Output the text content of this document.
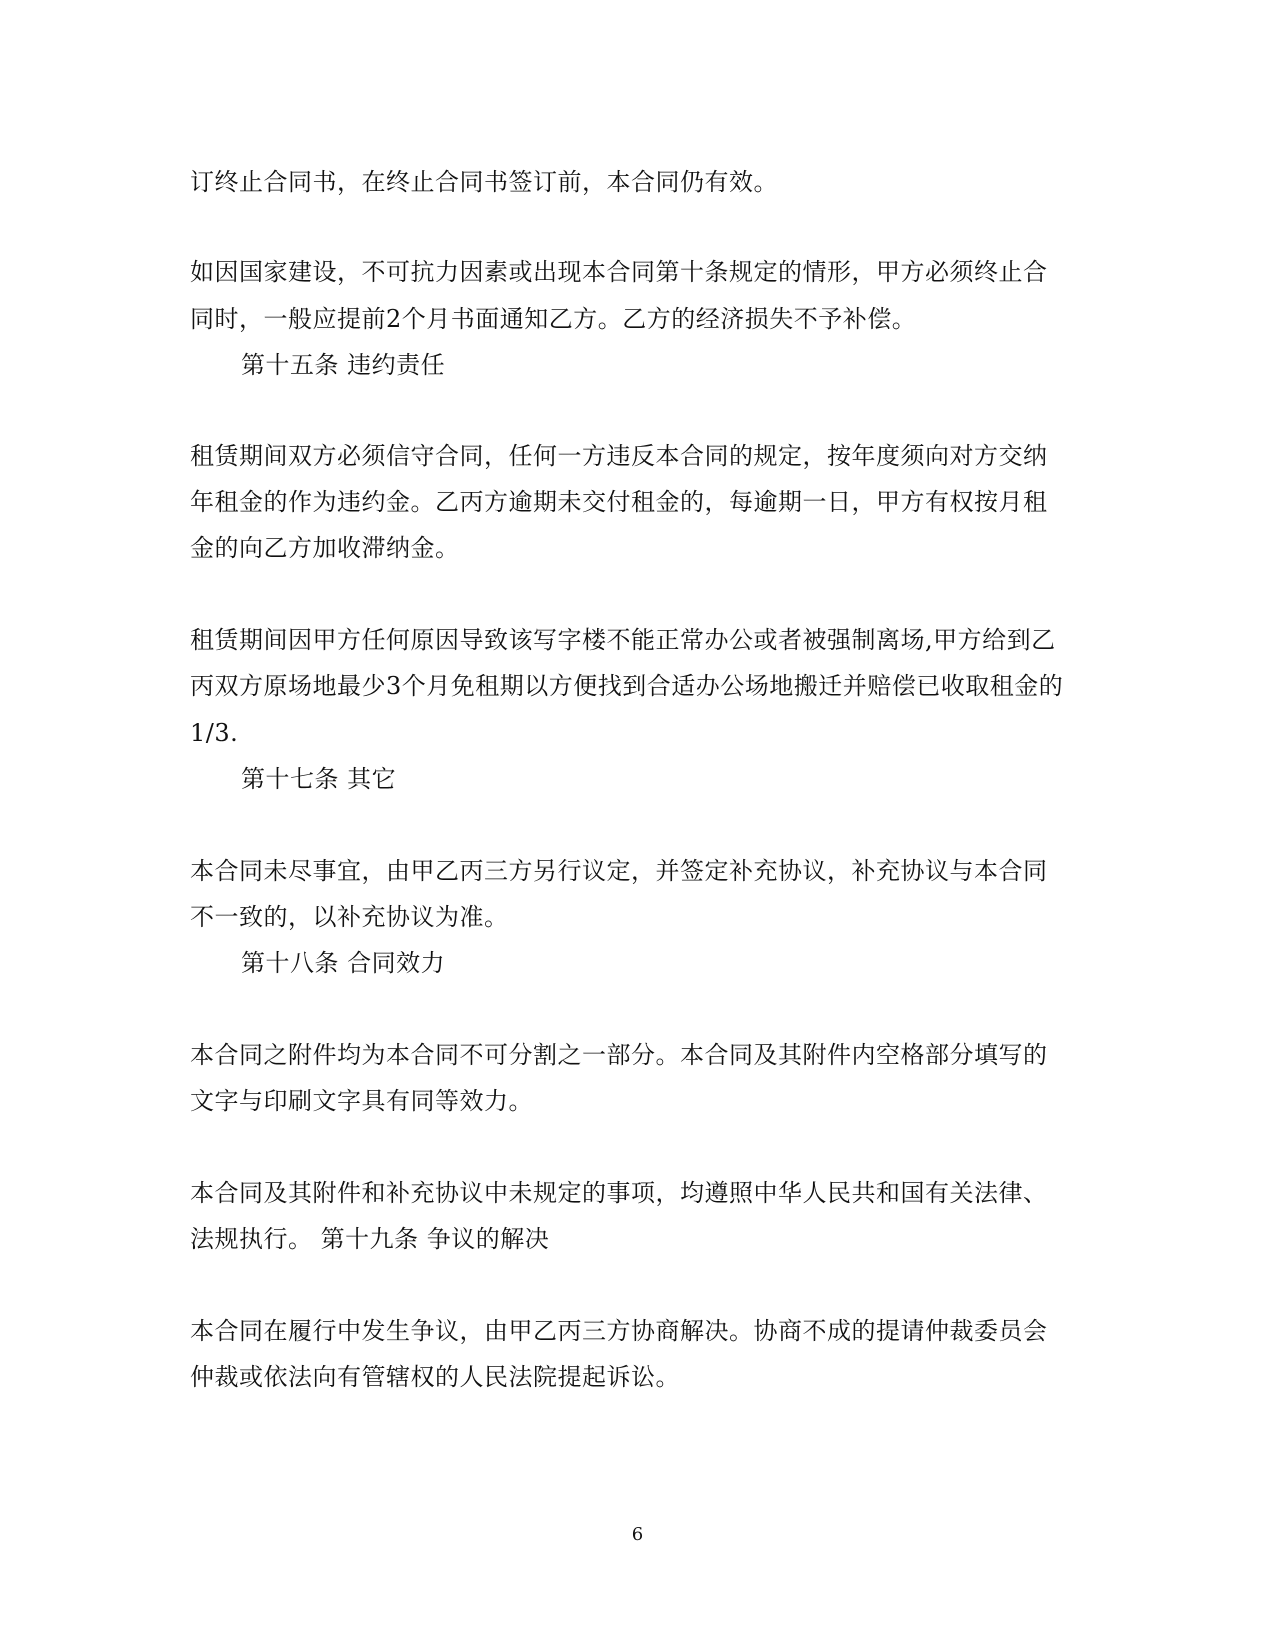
订终止合同书，在终止合同书签订前，本合同仍有效。
如因国家建设，不可抗力因素或出现本合同第十条规定的情形，甲方必须终止合
同时，一般应提前2个月书面通知乙方。乙方的经济损失不予补偿。
第十五条 违约责任
租赁期间双方必须信守合同，任何一方违反本合同的规定，按年度须向对方交纳
年租金的作为违约金。乙丙方逾期未交付租金的，每逾期一日，甲方有权按月租
金的向乙方加收滞纳金。
租赁期间因甲方任何原因导致该写字楼不能正常办公或者被强制离场,甲方给到乙
丙双方原场地最少3个月免租期以方便找到合适办公场地搬迁并赔偿已收取租金的
1/3.
第十七条 其它
本合同未尽事宜，由甲乙丙三方另行议定，并签定补充协议，补充协议与本合同
不一致的，以补充协议为准。
第十八条 合同效力
本合同之附件均为本合同不可分割之一部分。本合同及其附件内空格部分填写的
文字与印刷文字具有同等效力。
本合同及其附件和补充协议中未规定的事项，均遵照中华人民共和国有关法律、
法规执行。 第十九条 争议的解决
本合同在履行中发生争议，由甲乙丙三方协商解决。协商不成的提请仲裁委员会
仲裁或依法向有管辖权的人民法院提起诉讼。
6
